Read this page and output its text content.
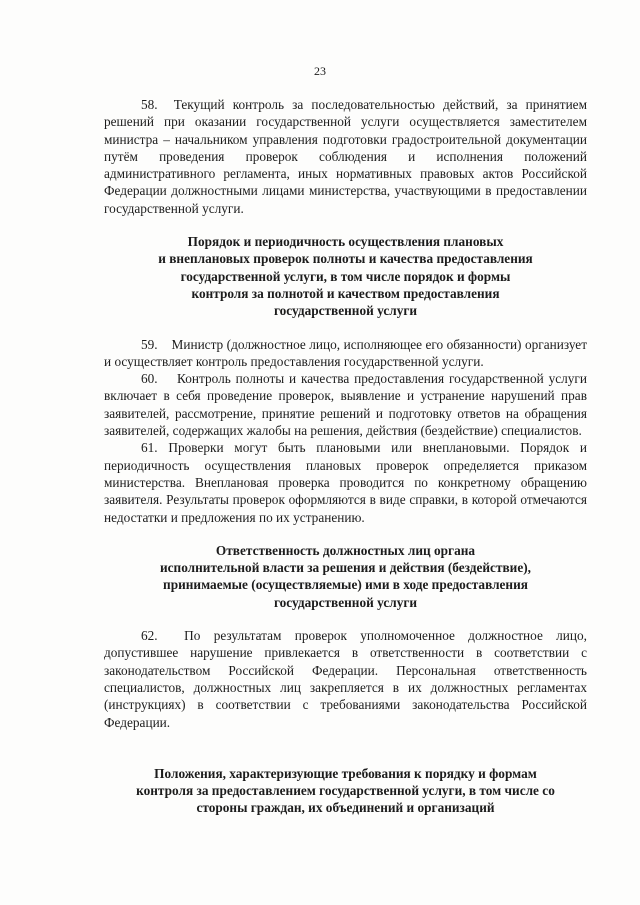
23

58. Текущий контроль за последовательностью действий, за принятием решений при оказании государственной услуги осуществляется заместителем министра – начальником управления подготовки градостроительной документации путём проведения проверок соблюдения и исполнения положений административного регламента, иных нормативных правовых актов Российской Федерации должностными лицами министерства, участвующими в предоставлении государственной услуги.

Порядок и периодичность осуществления плановых

и внеплановых проверок полноты и качества предоставления

государственной услуги, в том числе порядок и формы

контроля за полнотой и качеством предоставления

государственной услуги

59. Министр (должностное лицо, исполняющее его обязанности) организует и осуществляет контроль предоставления государственной услуги.

60. Контроль полноты и качества предоставления государственной услуги включает в себя проведение проверок, выявление и устранение нарушений прав заявителей, рассмотрение, принятие решений и подготовку ответов на обращения заявителей, содержащих жалобы на решения, действия (бездействие) специалистов.

61. Проверки могут быть плановыми или внеплановыми. Порядок и периодичность осуществления плановых проверок определяется приказом министерства. Внеплановая проверка проводится по конкретному обращению заявителя. Результаты проверок оформляются в виде справки, в которой отмечаются недостатки и предложения по их устранению.

Ответственность должностных лиц органа

исполнительной власти за решения и действия (бездействие),

принимаемые (осуществляемые) ими в ходе предоставления

государственной услуги

62. По результатам проверок уполномоченное должностное лицо, допустившее нарушение привлекается в ответственности в соответствии с законодательством Российской Федерации. Персональная ответственность специалистов, должностных лиц закрепляется в их должностных регламентах (инструкциях) в соответствии с требованиями законодательства Российской Федерации.

Положения, характеризующие требования к порядку и формам

контроля за предоставлением государственной услуги, в том числе со

стороны граждан, их объединений и организаций
